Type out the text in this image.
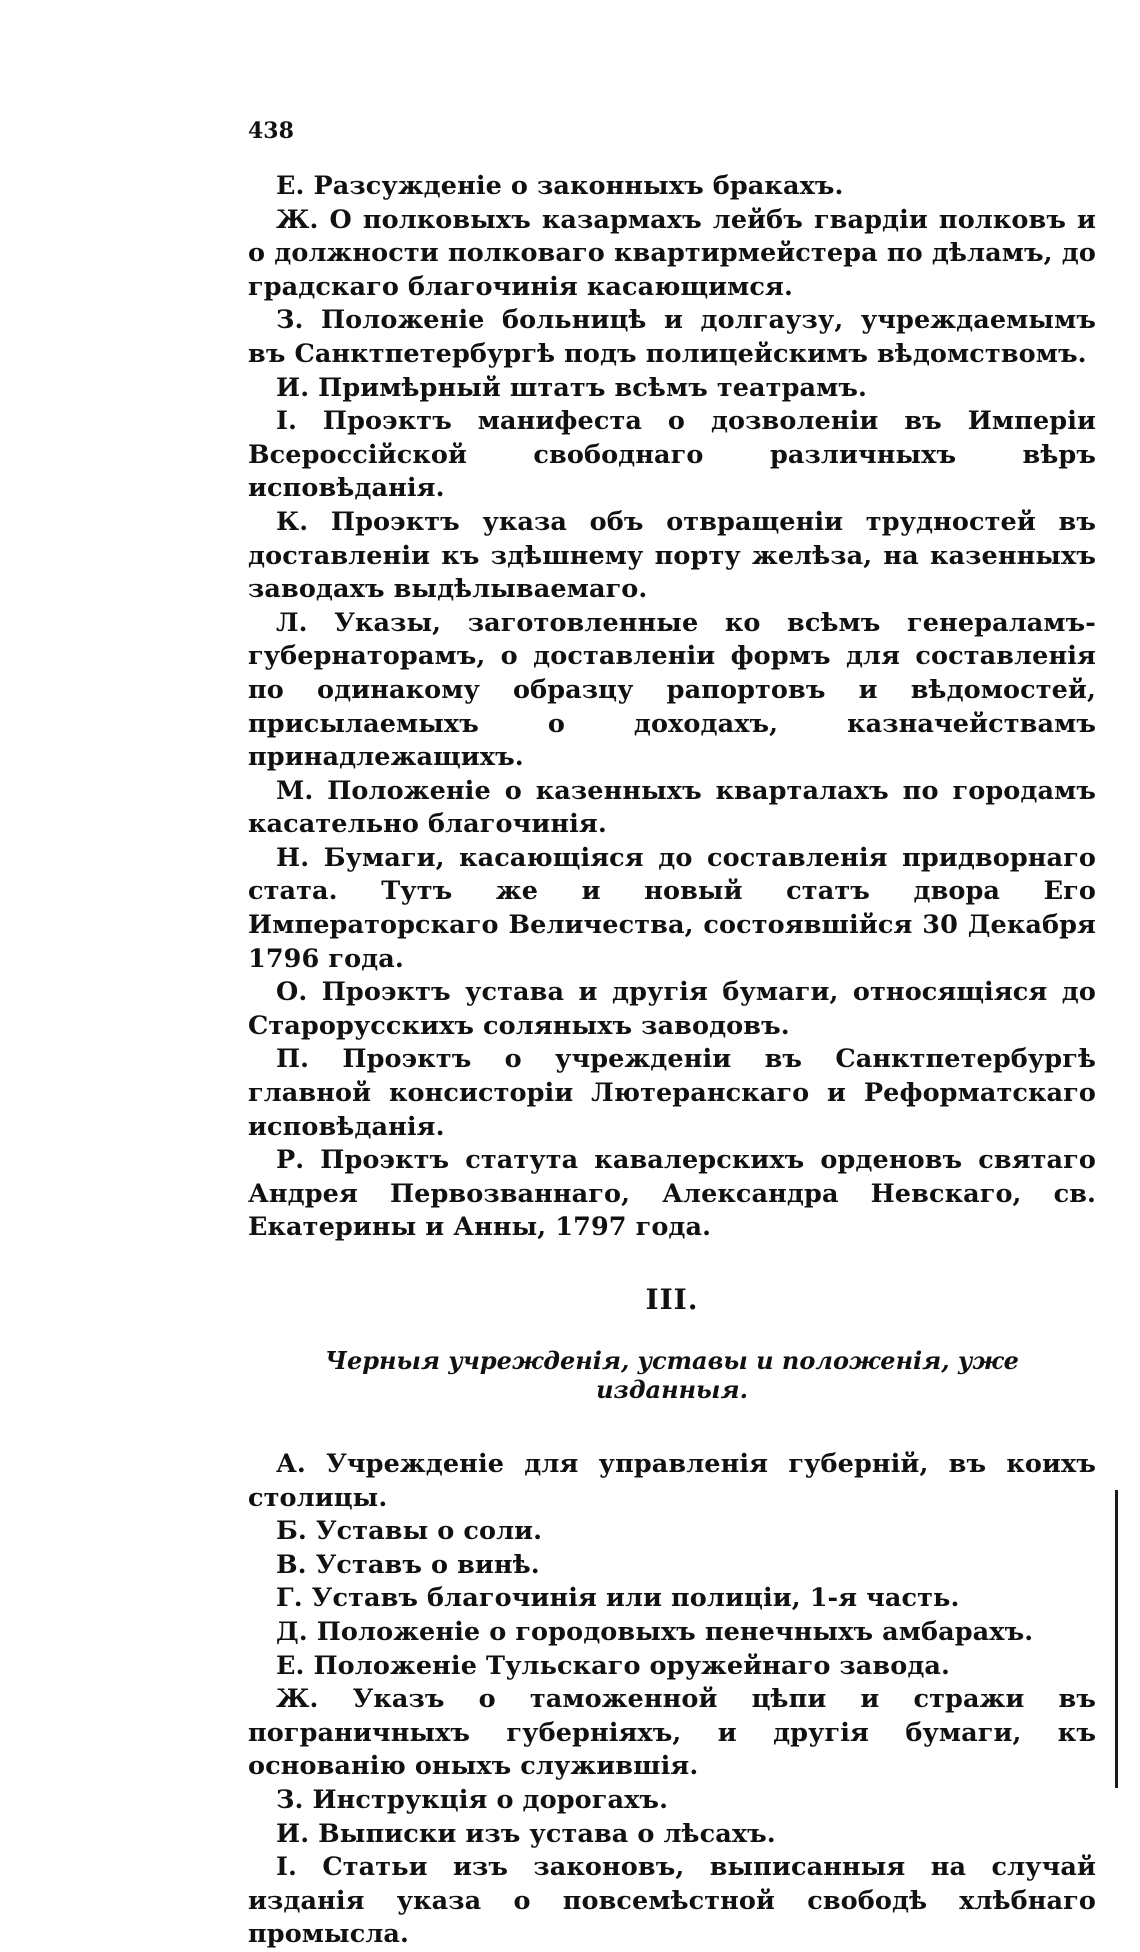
438

Е. Разсужденіе о законныхъ бракахъ.

Ж. О полковыхъ казармахъ лейбъ гвардіи полковъ и о должности полковаго квартирмейстера по дѣламъ, до градскаго благочинія касающимся.

З. Положеніе больницѣ и долгаузу, учреждаемымъ въ Санктпетербургѣ подъ полицейскимъ вѣдомствомъ.

И. Примѣрный штатъ всѣмъ театрамъ.

І. Проэктъ манифеста о дозволеніи въ Имперіи Всероссійской свободнаго различныхъ вѣръ исповѣданія.

К. Проэктъ указа объ отвращеніи трудностей въ доставленіи къ здѣшнему порту желѣза, на казенныхъ заводахъ выдѣлываемаго.

Л. Указы, заготовленные ко всѣмъ генераламъ-губернаторамъ, о доставленіи формъ для составленія по одинакому образцу рапортовъ и вѣдомостей, присылаемыхъ о доходахъ, казначействамъ принадлежащихъ.

М. Положеніе о казенныхъ кварталахъ по городамъ касательно благочинія.

Н. Бумаги, касающіяся до составленія придворнаго стата. Тутъ же и новый статъ двора Его Императорскаго Величества, состоявшійся 30 Декабря 1796 года.

О. Проэктъ устава и другія бумаги, относящіяся до Старорусскихъ соляныхъ заводовъ.

П. Проэктъ о учрежденіи въ Санктпетербургѣ главной консисторіи Лютеранскаго и Реформатскаго исповѣданія.

Р. Проэктъ статута кавалерскихъ орденовъ святаго Андрея Первозваннаго, Александра Невскаго, св. Екатерины и Анны, 1797 года.

III.
Черныя учрежденія, уставы и положенія, уже изданныя.

А. Учрежденіе для управленія губерній, въ коихъ столицы.

Б. Уставы о соли.

В. Уставъ о винѣ.

Г. Уставъ благочинія или полиціи, 1-я часть.

Д. Положеніе о городовыхъ пенечныхъ амбарахъ.

Е. Положеніе Тульскаго оружейнаго завода.

Ж. Указъ о таможенной цѣпи и стражи въ пограничныхъ губерніяхъ, и другія бумаги, къ основанію оныхъ служившія.

З. Инструкція о дорогахъ.

И. Выписки изъ устава о лѣсахъ.

І. Статьи изъ законовъ, выписанныя на случай изданія указа о повсемѣстной свободѣ хлѣбнаго промысла.
